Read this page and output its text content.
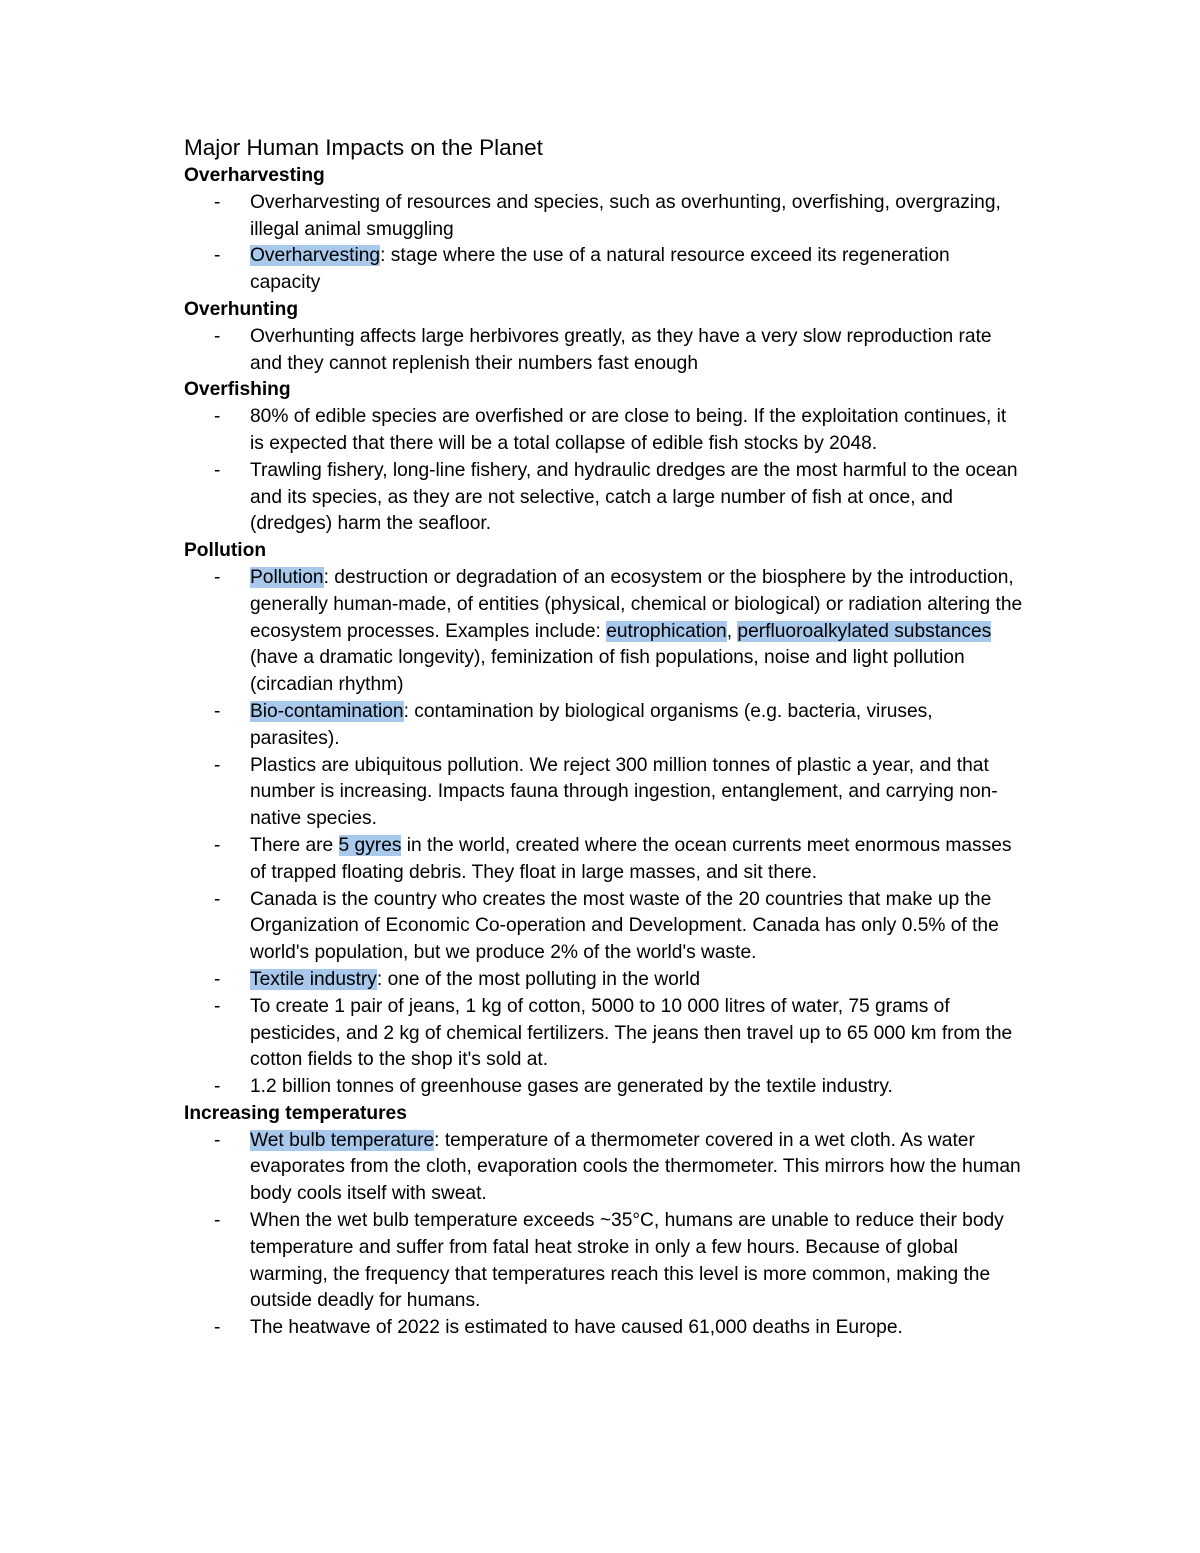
Major Human Impacts on the Planet
Overharvesting
- Overharvesting of resources and species, such as overhunting, overfishing, overgrazing, illegal animal smuggling
- Overharvesting: stage where the use of a natural resource exceed its regeneration capacity
Overhunting
- Overhunting affects large herbivores greatly, as they have a very slow reproduction rate and they cannot replenish their numbers fast enough
Overfishing
- 80% of edible species are overfished or are close to being. If the exploitation continues, it is expected that there will be a total collapse of edible fish stocks by 2048.
- Trawling fishery, long-line fishery, and hydraulic dredges are the most harmful to the ocean and its species, as they are not selective, catch a large number of fish at once, and (dredges) harm the seafloor.
Pollution
- Pollution: destruction or degradation of an ecosystem or the biosphere by the introduction, generally human-made, of entities (physical, chemical or biological) or radiation altering the ecosystem processes. Examples include: eutrophication, perfluoroalkylated substances (have a dramatic longevity), feminization of fish populations, noise and light pollution (circadian rhythm)
- Bio-contamination: contamination by biological organisms (e.g. bacteria, viruses, parasites).
- Plastics are ubiquitous pollution. We reject 300 million tonnes of plastic a year, and that number is increasing. Impacts fauna through ingestion, entanglement, and carrying non-native species.
- There are 5 gyres in the world, created where the ocean currents meet enormous masses of trapped floating debris. They float in large masses, and sit there.
- Canada is the country who creates the most waste of the 20 countries that make up the Organization of Economic Co-operation and Development. Canada has only 0.5% of the world's population, but we produce 2% of the world's waste.
- Textile industry: one of the most polluting in the world
- To create 1 pair of jeans, 1 kg of cotton, 5000 to 10 000 litres of water, 75 grams of pesticides, and 2 kg of chemical fertilizers. The jeans then travel up to 65 000 km from the cotton fields to the shop it's sold at.
- 1.2 billion tonnes of greenhouse gases are generated by the textile industry.
Increasing temperatures
- Wet bulb temperature: temperature of a thermometer covered in a wet cloth. As water evaporates from the cloth, evaporation cools the thermometer. This mirrors how the human body cools itself with sweat.
- When the wet bulb temperature exceeds ~35°C, humans are unable to reduce their body temperature and suffer from fatal heat stroke in only a few hours. Because of global warming, the frequency that temperatures reach this level is more common, making the outside deadly for humans.
- The heatwave of 2022 is estimated to have caused 61,000 deaths in Europe.
